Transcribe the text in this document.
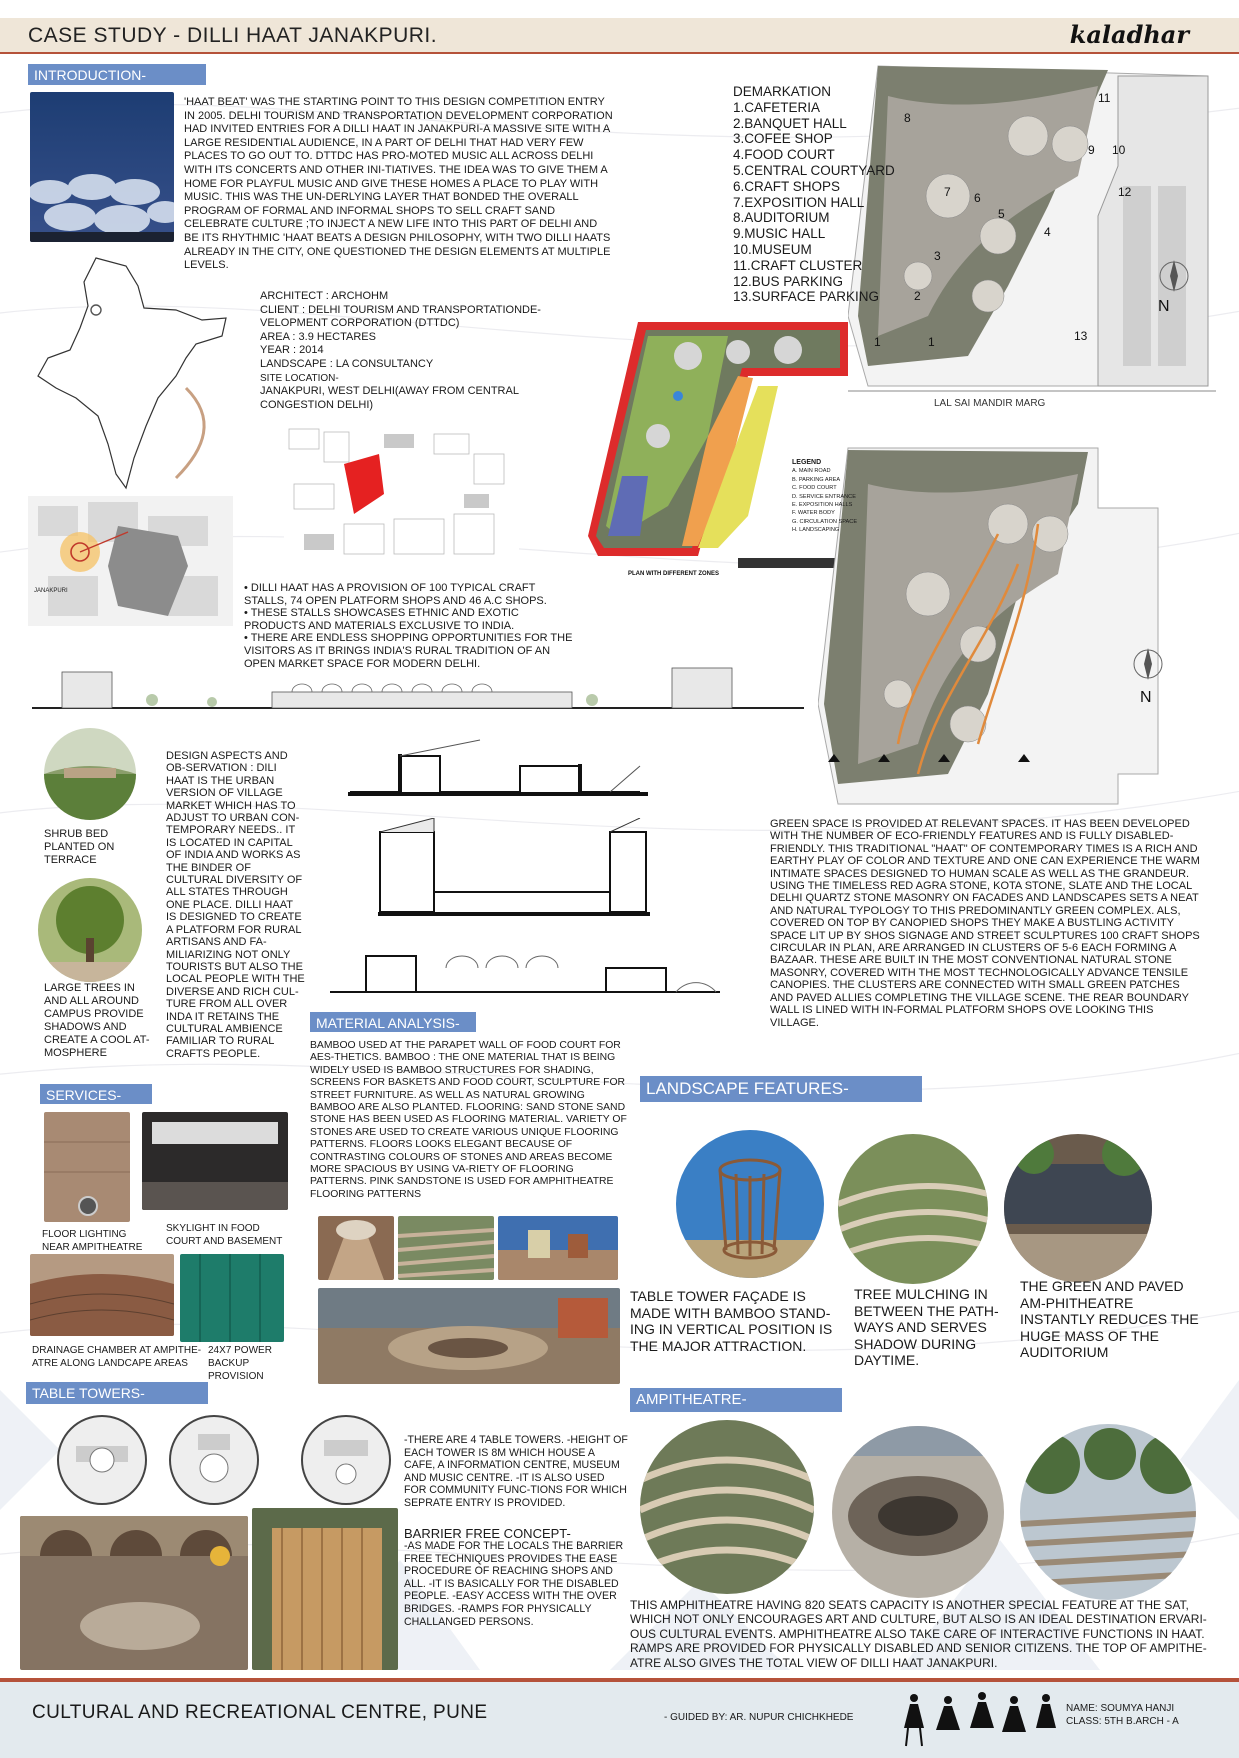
CASE STUDY - DILLI HAAT JANAKPURI.	kaladhar
INTRODUCTION-
'HAAT BEAT' WAS THE STARTING POINT TO THIS DESIGN COMPETITION ENTRY IN 2005. DELHI TOURISM AND TRANSPORTATION DEVELOPMENT CORPORATION HAD INVITED ENTRIES FOR A DILLI HAAT IN JANAKPURI-A MASSIVE SITE WITH A LARGE RESIDENTIAL AUDIENCE, IN A PART OF DELHI THAT HAD VERY FEW PLACES TO GO OUT TO. DTTDC HAS PRO-MOTED MUSIC ALL ACROSS DELHI WITH ITS CONCERTS AND OTHER INI-TIATIVES. THE IDEA WAS TO GIVE THEM A HOME FOR PLAYFUL MUSIC AND GIVE THESE HOMES A PLACE TO PLAY WITH MUSIC. THIS WAS THE UN-DERLYING LAYER THAT BONDED THE OVERALL PROGRAM OF FORMAL AND INFORMAL SHOPS TO SELL CRAFT SAND CELEBRATE CULTURE ;TO INJECT A NEW LIFE INTO THIS PART OF DELHI AND BE ITS RHYTHMIC 'HAAT BEATS A DESIGN PHILOSOPHY, WITH TWO DILLI HAATS ALREADY IN THE CITY, ONE QUESTIONED THE DESIGN ELEMENTS AT MULTIPLE LEVELS.
JANAKPURI

ARCHITECT : ARCHOHM

CLIENT : DELHI TOURISM AND TRANSPORTATIONDE-VELOPMENT CORPORATION (DTTDC)

AREA : 3.9 HECTARES

YEAR : 2014

LANDSCAPE : LA CONSULTANCY

SITE LOCATION-

JANAKPURI, WEST DELHI(AWAY FROM CENTRAL CONGESTION DELHI)

• DILLI HAAT HAS A PROVISION OF 100 TYPICAL CRAFT STALLS, 74 OPEN PLATFORM SHOPS AND 46 A.C SHOPS.

• THESE STALLS SHOWCASES ETHNIC AND EXOTIC PRODUCTS AND MATERIALS EXCLUSIVE TO INDIA.

• THERE ARE ENDLESS SHOPPING OPPORTUNITIES FOR THE VISITORS AS IT BRINGS INDIA'S RURAL TRADITION OF AN OPEN MARKET SPACE FOR MODERN DELHI.

DEMARKATION
1.CAFETERIA
2.BANQUET HALL
3.COFEE SHOP
4.FOOD COURT
5.CENTRAL COURTYARD
6.CRAFT SHOPS
7.EXPOSITION HALL
8.AUDITORIUM
9.MUSIC HALL
10.MUSEUM
11.CRAFT CLUSTER
12.BUS PARKING
13.SURFACE PARKING
LAL SAI MANDIR MARG
1	1
2
3
4
5
6
7
8
9 10
11
12
13
N
PLAN WITH DIFFERENT ZONES
LEGEND
A. MAIN ROAD
B. PARKING AREA
C. FOOD COURT
D. SERVICE ENTRANCE
E. EXPOSITION HALLS
F. WATER BODY
G. CIRCULATION SPACE
H. LANDSCAPING
N
SHRUB BED PLANTED ON TERRACE
LARGE TREES IN AND ALL AROUND CAMPUS PROVIDE SHADOWS AND CREATE A COOL AT-MOSPHERE
DESIGN ASPECTS AND OB-SERVATION : DILI HAAT IS THE URBAN VERSION OF VILLAGE MARKET WHICH HAS TO ADJUST TO URBAN CON-TEMPORARY NEEDS.. IT IS LOCATED IN CAPITAL OF INDIA AND WORKS AS THE BINDER OF CULTURAL DIVERSITY OF ALL STATES THROUGH ONE PLACE. DILLI HAAT IS DESIGNED TO CREATE A PLATFORM FOR RURAL ARTISANS AND FA-MILIARIZING NOT ONLY TOURISTS BUT ALSO THE LOCAL PEOPLE WITH THE DIVERSE AND RICH CUL-TURE FROM ALL OVER INDA IT RETAINS THE CULTURAL AMBIENCE FAMILIAR TO RURAL CRAFTS PEOPLE.
GREEN SPACE IS PROVIDED AT RELEVANT SPACES. IT HAS BEEN DEVELOPED WITH THE NUMBER OF ECO-FRIENDLY FEATURES AND IS FULLY DISABLED- FRIENDLY. THIS TRADITIONAL "HAAT" OF CONTEMPORARY TIMES IS A RICH AND EARTHY PLAY OF COLOR AND TEXTURE AND ONE CAN EXPERIENCE THE WARM INTIMATE SPACES DESIGNED TO HUMAN SCALE AS WELL AS THE GRANDEUR. USING THE TIMELESS RED AGRA STONE, KOTA STONE, SLATE AND THE LOCAL DELHI QUARTZ STONE MASONRY ON FACADES AND LANDSCAPES SETS A NEAT AND NATURAL TYPOLOGY TO THIS PREDOMINANTLY GREEN COMPLEX. ALS, COVERED ON TOP BY CANOPIED SHOPS THEY MAKE A BUSTLING ACTIVITY SPACE LIT UP BY SHOS SIGNAGE AND STREET SCULPTURES 100 CRAFT SHOPS CIRCULAR IN PLAN, ARE ARRANGED IN CLUSTERS OF 5-6 EACH FORMING A BAZAAR. THESE ARE BUILT IN THE MOST CONVENTIONAL NATURAL STONE MASONRY, COVERED WITH THE MOST TECHNOLOGICALLY ADVANCE TENSILE CANOPIES. THE CLUSTERS ARE CONNECTED WITH SMALL GREEN PATCHES AND PAVED ALLIES COMPLETING THE VILLAGE SCENE. THE REAR BOUNDARY WALL IS LINED WITH IN-FORMAL PLATFORM SHOPS OVE LOOKING THIS VILLAGE.
MATERIAL ANALYSIS-
BAMBOO USED AT THE PARAPET WALL OF FOOD COURT FOR AES-THETICS. BAMBOO : THE ONE MATERIAL THAT IS BEING WIDELY USED IS BAMBOO STRUCTURES FOR SHADING, SCREENS FOR BASKETS AND FOOD COURT, SCULPTURE FOR STREET FURNITURE. AS WELL AS NATURAL GROWING BAMBOO ARE ALSO PLANTED. FLOORING: SAND STONE SAND STONE HAS BEEN USED AS FLOORING MATERIAL. VARIETY OF STONES ARE USED TO CREATE VARIOUS UNIQUE FLOORING PATTERNS. FLOORS LOOKS ELEGANT BECAUSE OF CONTRASTING COLOURS OF STONES AND AREAS BECOME MORE SPACIOUS BY USING VA-RIETY OF FLOORING PATTERNS. PINK SANDSTONE IS USED FOR AMPHITHEATRE FLOORING PATTERNS
SERVICES-
FLOOR LIGHTING NEAR AMPITHEATRE
SKYLIGHT IN FOOD COURT AND BASEMENT
DRAINAGE CHAMBER AT AMPITHE-ATRE ALONG LANDCAPE AREAS
24X7 POWER BACKUP PROVISION
LANDSCAPE FEATURES-
TABLE TOWER FAÇADE IS MADE WITH BAMBOO STAND-ING IN VERTICAL POSITION IS THE MAJOR ATTRACTION.
TREE MULCHING IN BETWEEN THE PATH-WAYS AND SERVES SHADOW DURING DAYTIME.
THE GREEN AND PAVED AM-PHITHEATRE INSTANTLY REDUCES THE HUGE MASS OF THE AUDITORIUM
TABLE TOWERS-
-THERE ARE 4 TABLE TOWERS. -HEIGHT OF EACH TOWER IS 8M WHICH HOUSE A CAFE, A INFORMATION CENTRE, MUSEUM AND MUSIC CENTRE. -IT IS ALSO USED FOR COMMUNITY FUNC-TIONS FOR WHICH SEPRATE ENTRY IS PROVIDED.
BARRIER FREE CONCEPT-
-AS MADE FOR THE LOCALS THE BARRIER FREE TECHNIQUES PROVIDES THE EASE PROCEDURE OF REACHING SHOPS AND ALL. -IT IS BASICALLY FOR THE DISABLED PEOPLE. -EASY ACCESS WITH THE OVER BRIDGES. -RAMPS FOR PHYSICALLY CHALLANGED PERSONS.
AMPITHEATRE-
THIS AMPHITHEATRE HAVING 820 SEATS CAPACITY IS ANOTHER SPECIAL FEATURE AT THE SAT, WHICH NOT ONLY ENCOURAGES ART AND CULTURE, BUT ALSO IS AN IDEAL DESTINATION ERVARI-OUS CULTURAL EVENTS. AMPHITHEATRE ALSO TAKE CARE OF INTERACTIVE FUNCTIONS IN HAAT. RAMPS ARE PROVIDED FOR PHYSICALLY DISABLED AND SENIOR CITIZENS. THE TOP OF AMPITHE-ATRE ALSO GIVES THE TOTAL VIEW OF DILLI HAAT JANAKPURI.
CULTURAL AND RECREATIONAL CENTRE, PUNE	- GUIDED BY: AR. NUPUR CHICHKHEDE
NAME: SOUMYA HANJI
CLASS: 5TH B.ARCH - A
